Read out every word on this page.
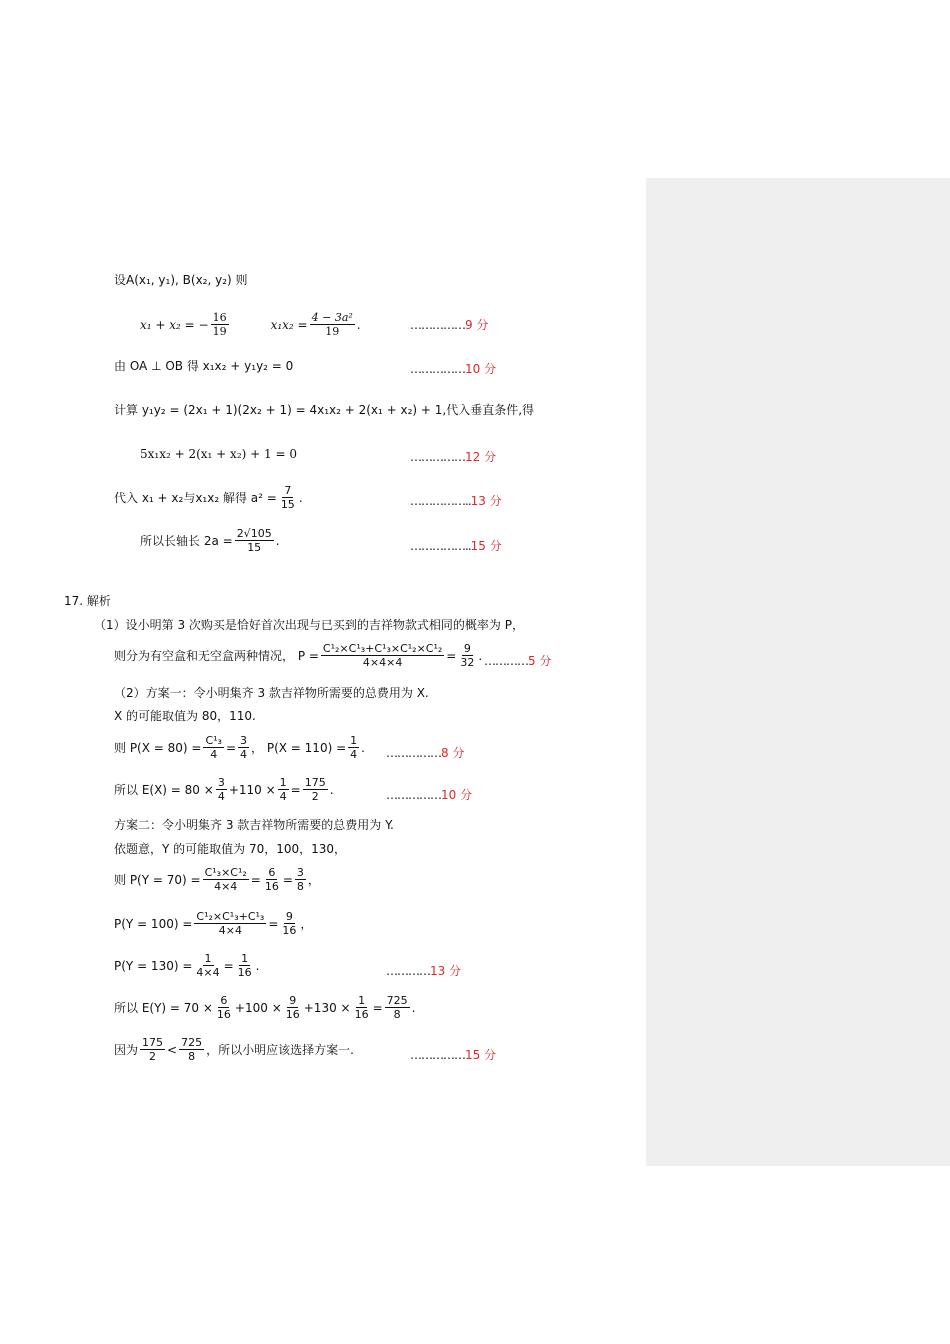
设A(x₁, y₁), B(x₂, y₂) 则
x₁ + x₂ = − $\frac{16}{19}$	$x_1x_2 = \frac{\text{4 − 3a²}}{19}$ .	……………9 分
由 OA ⊥ OB 得 x₁x₂ + y₁y₂ = 0	……………10 分
计算 y₁y₂ = (2x₁ + 1)(2x₂ + 1) = 4x₁x₂ + 2(x₁ + x₂) + 1,代入垂直条件,得
5x₁x₂ + 2(x₁ + x₂) + 1 = 0	……………12 分
代入 x₁ + x₂与x₁x₂ 解得 $a^2 = \frac{7}{15}$ .	……………..13 分
所以长轴长 $2a = \frac{2√105}{15}$ .	……………..15 分
17. 解析
（1）设小明第 3 次购买是恰好首次出现与已买到的吉祥物款式相同的概率为 P，
则分为有空盒和无空盒两种情况， $P = \frac{\text{C¹₂×C¹₃+C¹₃×C¹₂×C¹₂}}{4\times 4\times 4} = \frac{9}{32}$ . …………5 分
（2）方案一：令小明集齐 3 款吉祥物所需要的总费用为 X.
X 的可能取值为 80，110.
则 $P(X = 80) = \frac{\text{C¹₃}}{4} = \frac{3}{4}$ ， $P(X = 110) = \frac{1}{4}$ . ……………8 分
所以 $E(X) = 80 \times \frac{3}{4} +110 \times \frac{1}{4} = \frac{175}{2}$ .	……………10 分
方案二：令小明集齐 3 款吉祥物所需要的总费用为 Y.
依题意，Y 的可能取值为 70，100，130，
则 $P(Y = 70) = \frac{\text{C¹₃×C¹₂}}{4\times 4} = \frac{6}{16} = \frac{3}{8}$ ，
$P(Y = 100) = \frac{\text{C¹₂×C¹₃+C¹₃}}{4\times 4} = \frac{9}{16}$ ，
$P(Y = 130) = \frac{1}{4\times 4} = \frac{1}{16}$ .	…………13 分
所以 $E(Y) = 70 \times \frac{6}{16} +100 \times \frac{9}{16} +130 \times \frac{1}{16} = \frac{725}{8}$ .
因为 $\frac{175}{2} < \frac{725}{8}$ ，所以小明应该选择方案一.	……………15 分
